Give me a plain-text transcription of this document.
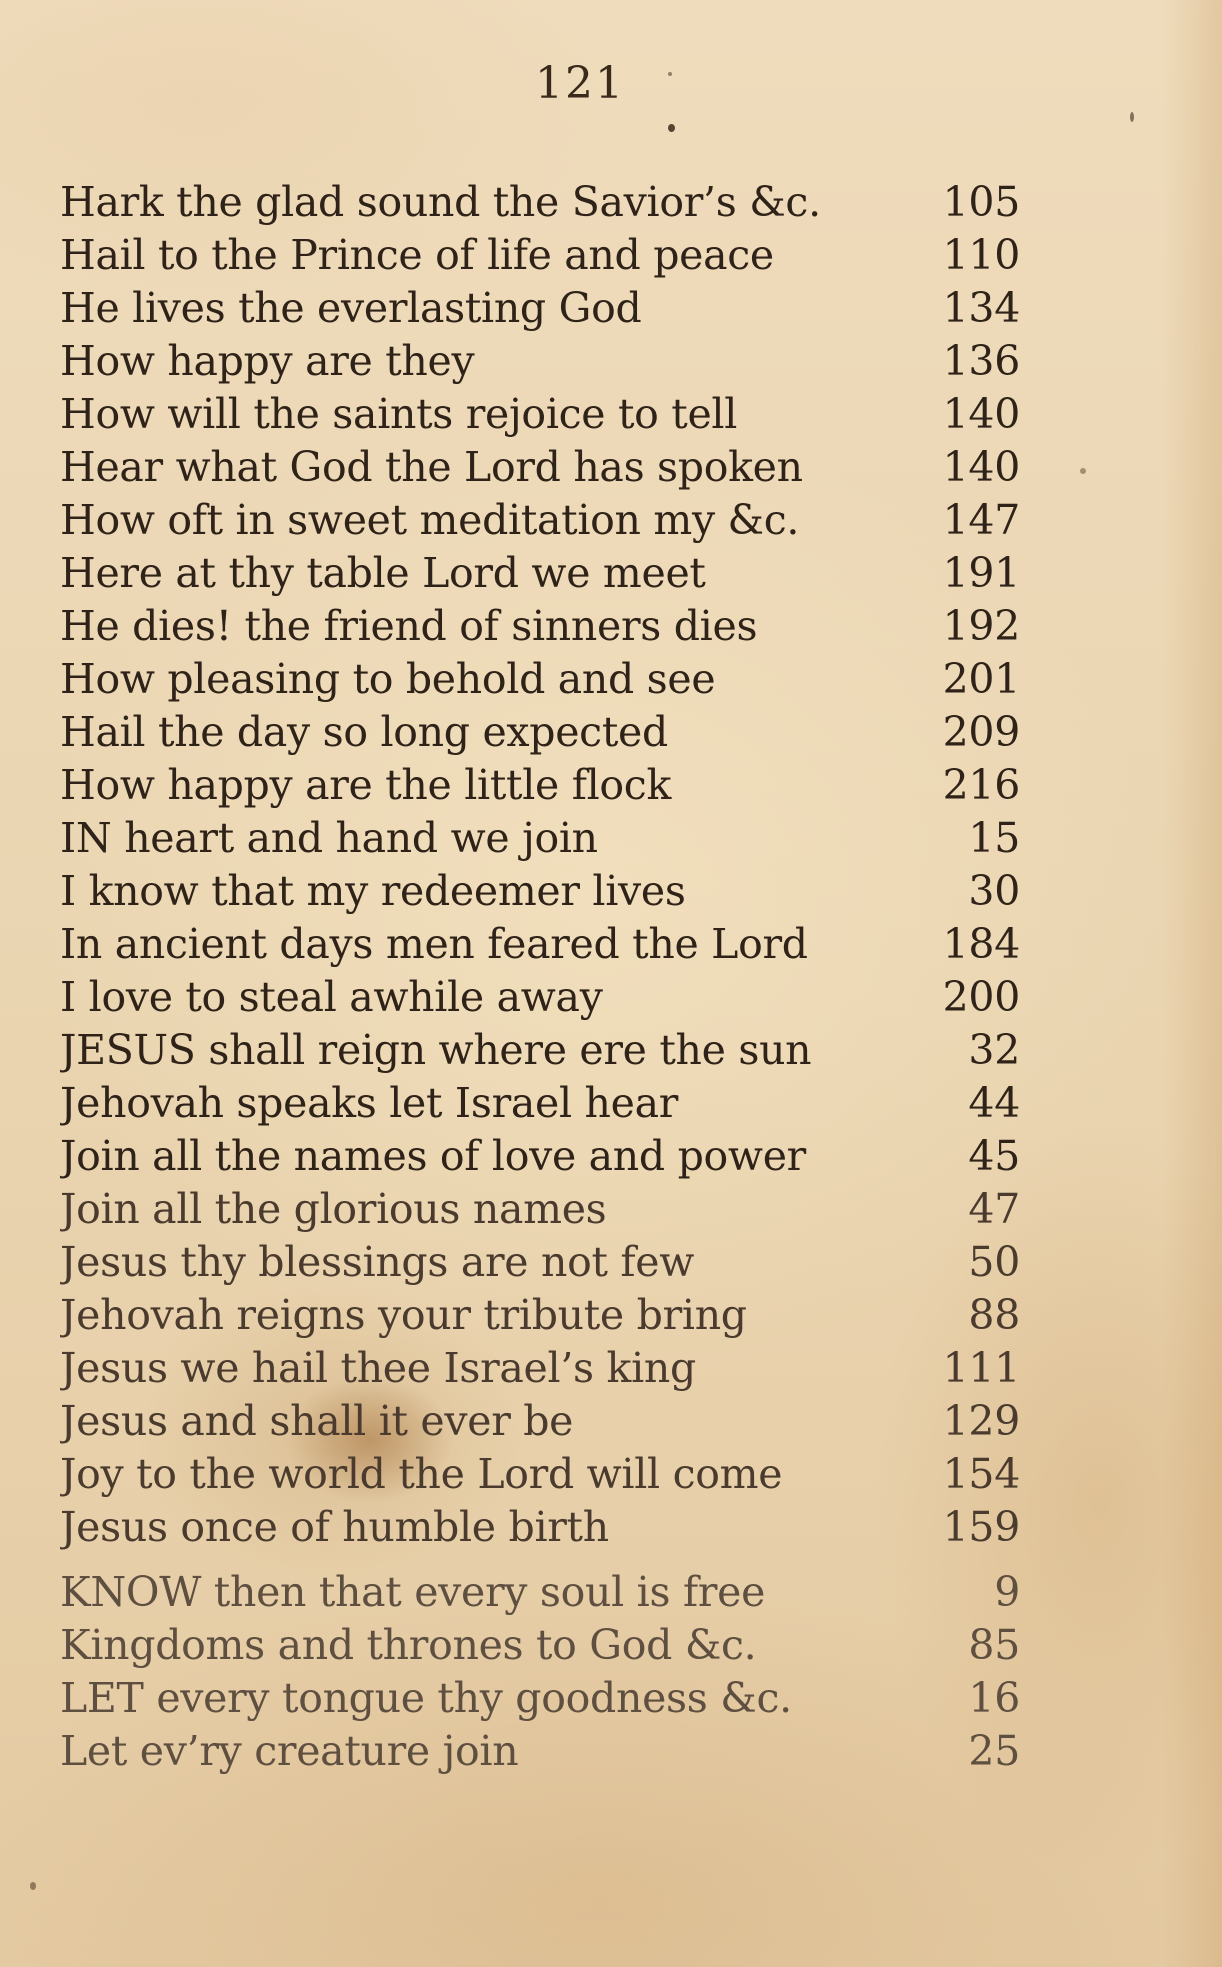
121
Hark the glad sound the Savior’s &c.	105
Hail to the Prince of life and peace	110
He lives the everlasting God	134
How happy are they	136
How will the saints rejoice to tell	140
Hear what God the Lord has spoken	140
How oft in sweet meditation my &c.	147
Here at thy table Lord we meet	191
He dies! the friend of sinners dies	192
How pleasing to behold and see	201
Hail the day so long expected	209
How happy are the little flock	216
IN heart and hand we join	15
I know that my redeemer lives	30
In ancient days men feared the Lord	184
I love to steal awhile away	200
JESUS shall reign where ere the sun	32
Jehovah speaks let Israel hear	44
Join all the names of love and power	45
Join all the glorious names	47
Jesus thy blessings are not few	50
Jehovah reigns your tribute bring	88
Jesus we hail thee Israel’s king	111
Jesus and shall it ever be	129
Joy to the world the Lord will come	154
Jesus once of humble birth	159
KNOW then that every soul is free	9
Kingdoms and thrones to God &c.	85
LET every tongue thy goodness &c.	16
Let ev’ry creature join	25
